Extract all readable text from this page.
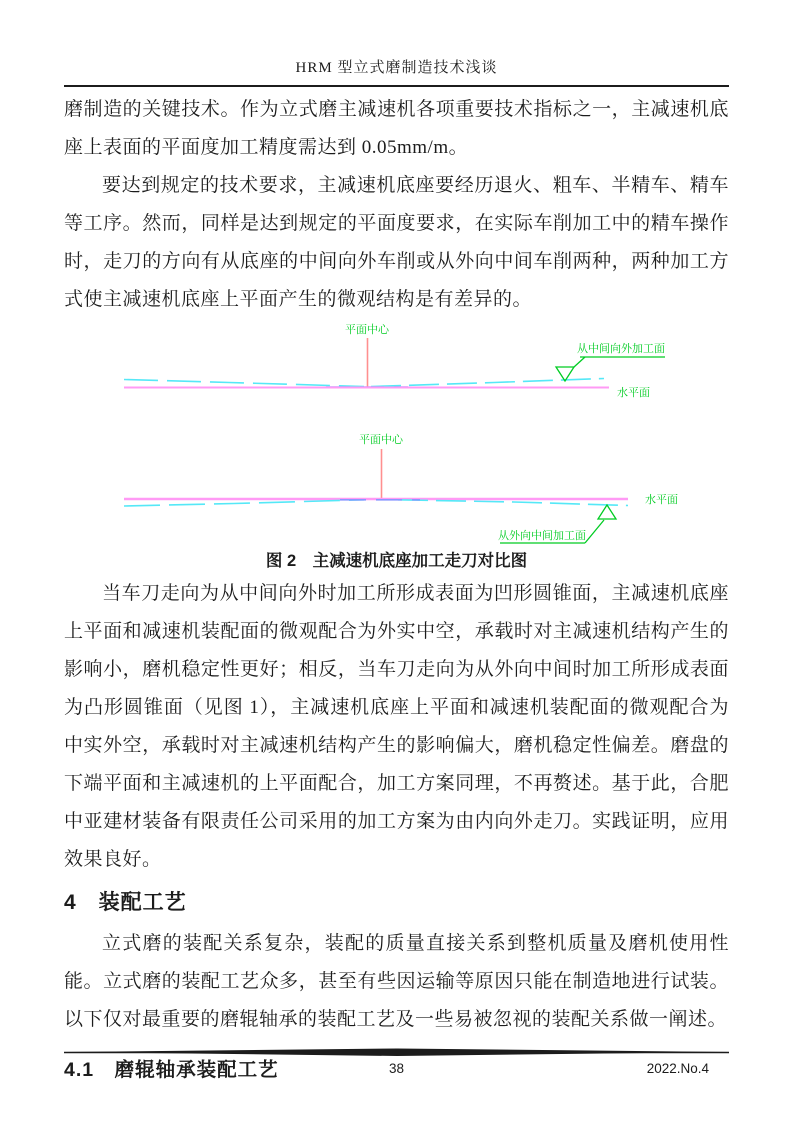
HRM 型立式磨制造技术浅谈

磨制造的关键技术。作为立式磨主减速机各项重要技术指标之一，主减速机底座上表面的平面度加工精度需达到 0.05mm/m。

要达到规定的技术要求，主减速机底座要经历退火、粗车、半精车、精车等工序。然而，同样是达到规定的平面度要求，在实际车削加工中的精车操作时，走刀的方向有从底座的中间向外车削或从外向中间车削两种，两种加工方式使主减速机底座上平面产生的微观结构是有差异的。

平面中心
从中间向外加工面
水平面
平面中心
从外向中间加工面
水平面
图 2　主减速机底座加工走刀对比图

当车刀走向为从中间向外时加工所形成表面为凹形圆锥面，主减速机底座上平面和减速机装配面的微观配合为外实中空，承载时对主减速机结构产生的影响小，磨机稳定性更好；相反，当车刀走向为从外向中间时加工所形成表面为凸形圆锥面（见图 1），主减速机底座上平面和减速机装配面的微观配合为中实外空，承载时对主减速机结构产生的影响偏大，磨机稳定性偏差。磨盘的下端平面和主减速机的上平面配合，加工方案同理，不再赘述。基于此，合肥中亚建材装备有限责任公司采用的加工方案为由内向外走刀。实践证明，应用效果良好。

4　装配工艺

立式磨的装配关系复杂，装配的质量直接关系到整机质量及磨机使用性能。立式磨的装配工艺众多，甚至有些因运输等原因只能在制造地进行试装。以下仅对最重要的磨辊轴承的装配工艺及一些易被忽视的装配关系做一阐述。

4.1　磨辊轴承装配工艺	38	2022.No.4
